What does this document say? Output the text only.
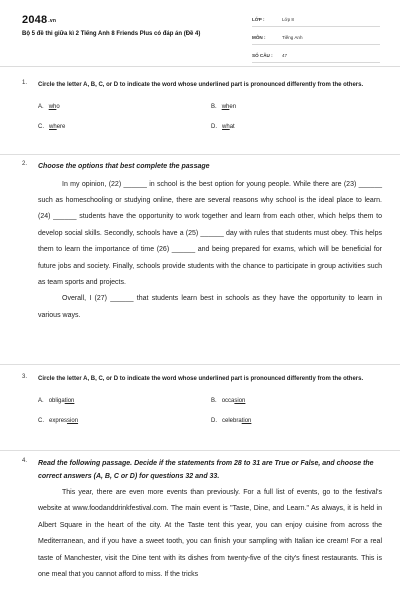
$2048^{.vn}$
Bộ 5 đề thi giữa kì 2 Tiếng Anh 8 Friends Plus có đáp án (Đề 4)
LỚP :	Lớp 8
MÔN :	Tiếng Anh
SỐ CÂU :	47
1. Circle the letter A, B, C, or D to indicate the word whose underlined part is pronounced differently from the others.
A. who	B. when
C. where	D. what
2. Choose the options that best complete the passage

In my opinion, (22) ______ in school is the best option for young people. While there are (23) ______ such as homeschooling or studying online, there are several reasons why school is the ideal place to learn. (24) ______ students have the opportunity to work together and learn from each other, which helps them to develop social skills. Secondly, schools have a (25) ______ day with rules that students must obey. This helps them to learn the importance of time (26) ______ and being prepared for exams, which will be beneficial for future jobs and society. Finally, schools provide students with the chance to participate in group activities such as team sports and projects.

Overall, I (27) ______ that students learn best in schools as they have the opportunity to learn in various ways.

3. Circle the letter A, B, C, or D to indicate the word whose underlined part is pronounced differently from the others.
A. obligation	B. occasion
C. expression	D. celebration
4. Read the following passage. Decide if the statements from 28 to 31 are True or False, and choose the correct answers (A, B, C or D) for questions 32 and 33.

This year, there are even more events than previously. For a full list of events, go to the festival's website at www.foodanddrinkfestival.com. The main event is "Taste, Dine, and Learn." As always, it is held in Albert Square in the heart of the city. At the Taste tent this year, you can enjoy cuisine from across the Mediterranean, and if you have a sweet tooth, you can finish your sampling with Italian ice cream! For a real taste of Manchester, visit the Dine tent with its dishes from twenty-five of the city's finest restaurants. This is one meal that you cannot afford to miss. If the tricks
